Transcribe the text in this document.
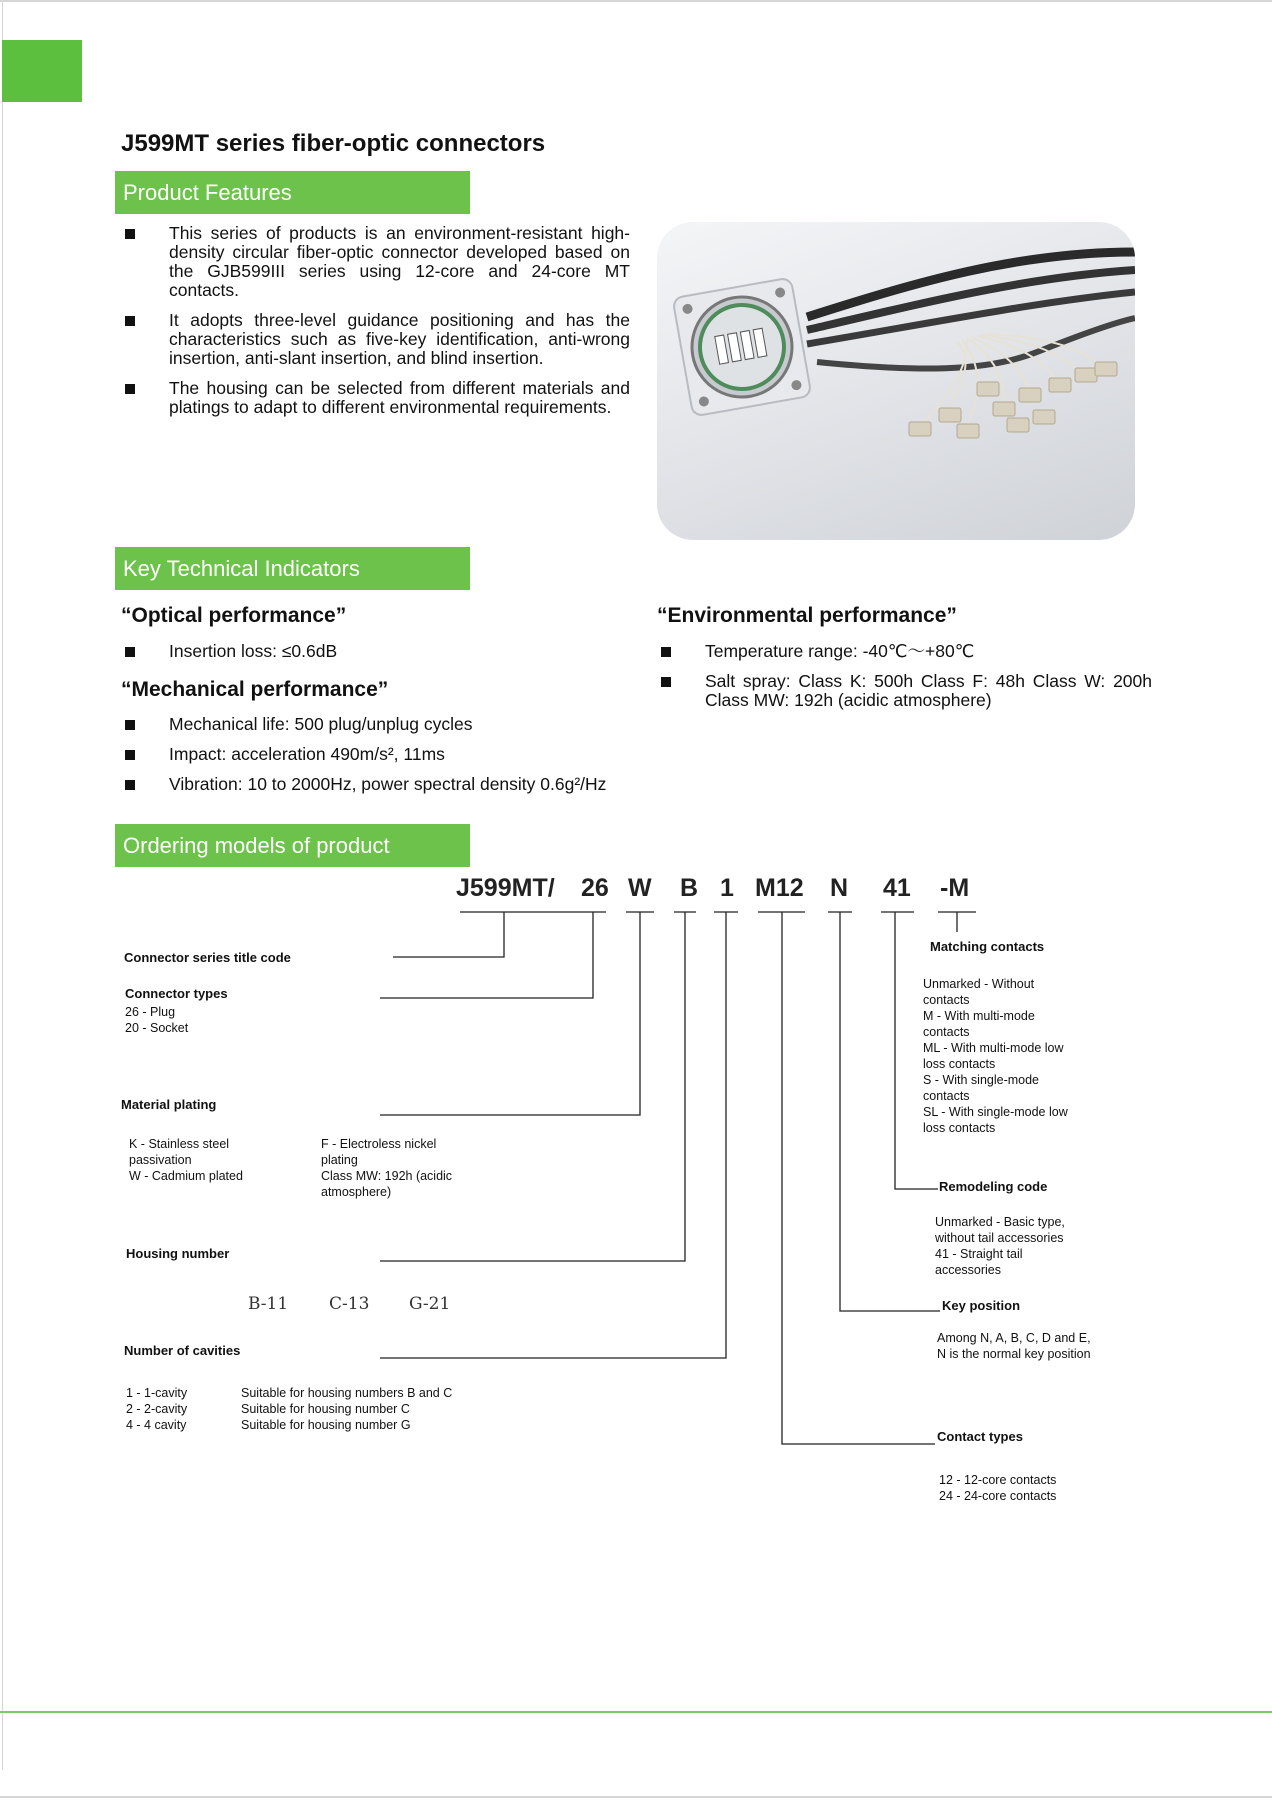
J599MT series fiber-optic connectors
Product Features
This series of products is an environment-resistant high-density circular fiber-optic connector developed based on the GJB599III series using 12-core and 24-core MT contacts.
It adopts three-level guidance positioning and has the characteristics such as five-key identification, anti-wrong insertion, anti-slant insertion, and blind insertion.
The housing can be selected from different materials and platings to adapt to different environmental requirements.
Key Technical Indicators
“Optical performance”
Insertion loss: ≤0.6dB
“Mechanical performance”
Mechanical life: 500 plug/unplug cycles
Impact: acceleration 490m/s², 11ms
Vibration: 10 to 2000Hz, power spectral density 0.6g²/Hz
“Environmental performance”
Temperature range: -40℃～+80℃
Salt spray: Class K: 500h Class F: 48h Class W: 200h Class MW: 192h (acidic atmosphere)
Ordering models of product
J599MT/ 26 W B 1 M12 N 41 -M
Connector series title code
Connector types
26 - Plug
20 - Socket
Material plating
K - Stainless steel
passivation
W - Cadmium plated
F - Electroless nickel
plating
Class MW: 192h (acidic
atmosphere)
Housing number
B-11 C-13 G-21
Number of cavities
1 - 1-cavity
2 - 2-cavity
4 - 4 cavity
Suitable for housing numbers B and C
Suitable for housing number C
Suitable for housing number G
Matching contacts
Unmarked - Without
contacts
M - With multi-mode
contacts
ML - With multi-mode low
loss contacts
S - With single-mode
contacts
SL - With single-mode low
loss contacts
Remodeling code
Unmarked - Basic type,
without tail accessories
41 - Straight tail
accessories
Key position
Among N, A, B, C, D and E,
N is the normal key position
Contact types
12 - 12-core contacts
24 - 24-core contacts
